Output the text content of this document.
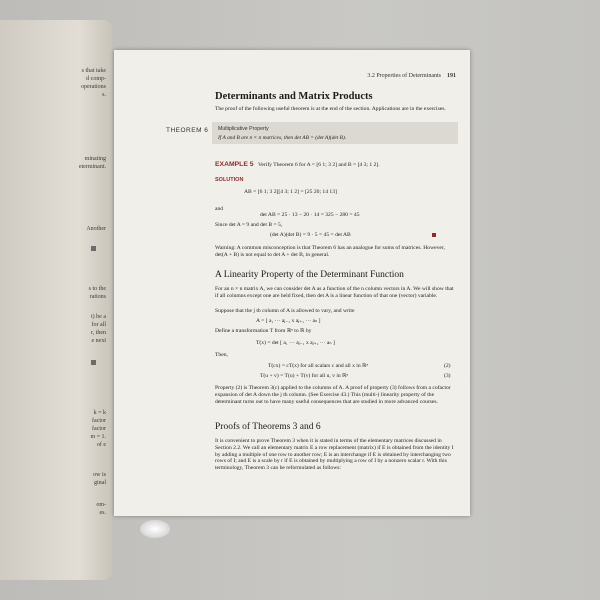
s that take
d comp-
operations
s.
minating
eterminant.
Another
s to the
rations
t) be a
for all
r, then
e next
k = k
factor
factor
m = 1.
of e
ow is
ginal
om-
es.
3.2 Properties of Determinants 191
Determinants and Matrix Products
The proof of the following useful theorem is at the end of the section. Applications are in the exercises.
THEOREM 6 Multiplicative Property
If A and B are n × n matrices, then det AB = (det A)(det B).
EXAMPLE 5 Verify Theorem 6 for A = [6 1; 3 2] and B = [4 3; 1 2].
SOLUTION
AB = [6 1; 3 2][4 3; 1 2] = [25 20; 14 13]
and
det AB = 25 · 13 − 20 · 14 = 325 − 280 = 45
Since det A = 9 and det B = 5,
(det A)(det B) = 9 · 5 = 45 = det AB
Warning: A common misconception is that Theorem 6 has an analogue for sums of matrices. However, det(A + B) is not equal to det A + det B, in general.
A Linearity Property of the Determinant Function
For an n × n matrix A, we can consider det A as a function of the n column vectors in A. We will show that if all columns except one are held fixed, then det A is a linear function of that one (vector) variable.
Suppose that the j th column of A is allowed to vary, and write
A = [ a₁ ··· aⱼ₋₁ x aⱼ₊₁ ··· aₙ ]
Define a transformation T from ℝⁿ to ℝ by
T(x) = det [ a₁ ··· aⱼ₋₁ x aⱼ₊₁ ··· aₙ ]
Then,
T(cx) = cT(x) for all scalars c and all x in ℝⁿ	(2)
T(u + v) = T(u) + T(v) for all u, v in ℝⁿ	(3)
Property (2) is Theorem 3(c) applied to the columns of A. A proof of property (3) follows from a cofactor expansion of det A down the j th column. (See Exercise 43.) This (multi-) linearity property of the determinant turns out to have many useful consequences that are studied in more advanced courses.
Proofs of Theorems 3 and 6
It is convenient to prove Theorem 3 when it is stated in terms of the elementary matrices discussed in Section 2.2. We call an elementary matrix E a row replacement (matrix) if E is obtained from the identity I by adding a multiple of one row to another row; E is an interchange if E is obtained by interchanging two rows of I; and E is a scale by r if E is obtained by multiplying a row of I by a nonzero scalar r. With this terminology, Theorem 3 can be reformulated as follows:
